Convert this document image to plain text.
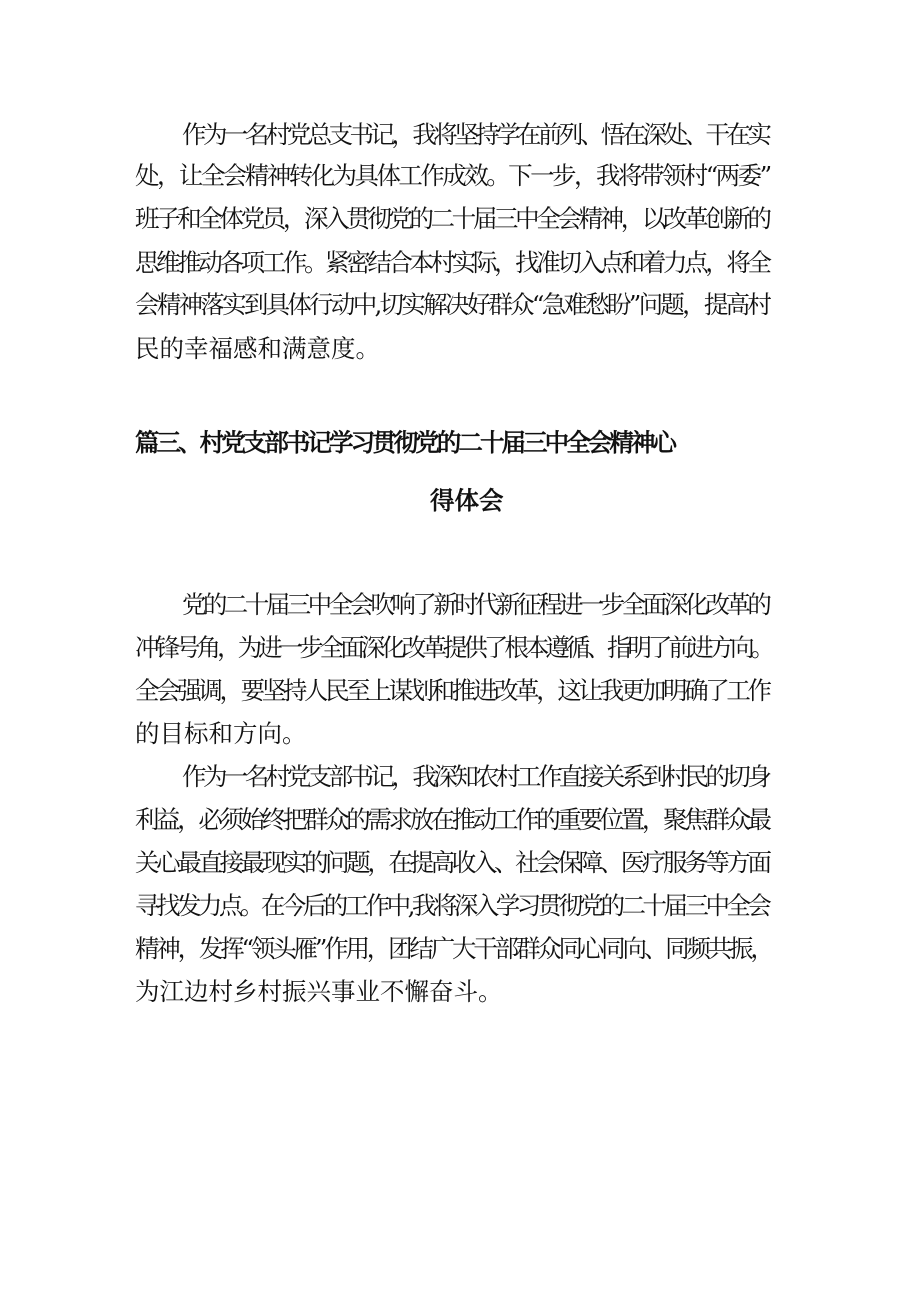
作为一名村党总支书记，我将坚持学在前列、悟在深处、干在实
处，让全会精神转化为具体工作成效。下一步，我将带领村“两委”
班子和全体党员，深入贯彻党的二十届三中全会精神，以改革创新的
思维推动各项工作。紧密结合本村实际，找准切入点和着力点，将全
会精神落实到具体行动中,切实解决好群众“急难愁盼”问题，提高村
民的幸福感和满意度。
篇三、村党支部书记学习贯彻党的二十届三中全会精神心
得体会
党的二十届三中全会吹响了新时代新征程进一步全面深化改革的
冲锋号角，为进一步全面深化改革提供了根本遵循、指明了前进方向。
全会强调，要坚持人民至上谋划和推进改革，这让我更加明确了工作
的目标和方向。
作为一名村党支部书记，我深知农村工作直接关系到村民的切身
利益，必须始终把群众的需求放在推动工作的重要位置，聚焦群众最
关心最直接最现实的问题，在提高收入、社会保障、医疗服务等方面
寻找发力点。在今后的工作中,我将深入学习贯彻党的二十届三中全会
精神，发挥“领头雁”作用，团结广大干部群众同心同向、同频共振，
为江边村乡村振兴事业不懈奋斗。
